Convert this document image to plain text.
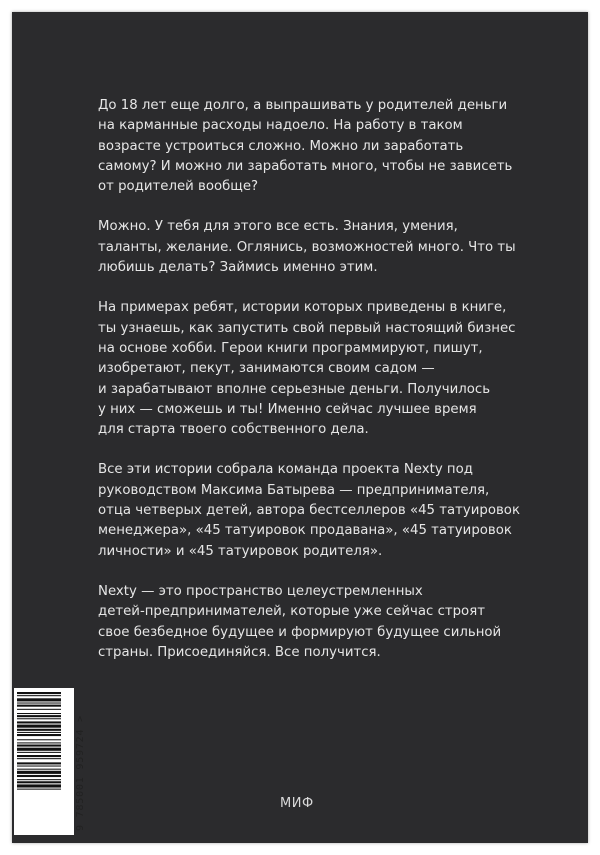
До 18 лет еще долго, а выпрашивать у родителей деньги
на карманные расходы надоело. На работу в таком
возрасте устроиться сложно. Можно ли заработать
самому? И можно ли заработать много, чтобы не зависеть
от родителей вообще?

Можно. У тебя для этого все есть. Знания, умения,
таланты, желание. Оглянись, возможностей много. Что ты
любишь делать? Займись именно этим.

На примерах ребят, истории которых приведены в книге,
ты узнаешь, как запустить свой первый настоящий бизнес
на основе хобби. Герои книги программируют, пишут,
изобретают, пекут, занимаются своим садом —
и зарабатывают вполне серьезные деньги. Получилось
у них — сможешь и ты! Именно сейчас лучшее время
для старта твоего собственного дела.

Все эти истории собрала команда проекта Nexty под
руководством Максима Батырева — предпринимателя,
отца четверых детей, автора бестселлеров «45 татуировок
менеджера», «45 татуировок продавана», «45 татуировок
личности» и «45 татуировок родителя».

Nexty — это пространство целеустремленных
детей-предпринимателей, которые уже сейчас строят
свое безбедное будущее и формируют будущее сильной
страны. Присоединяйся. Все получится.

9 785001 959724 >	МИФ
